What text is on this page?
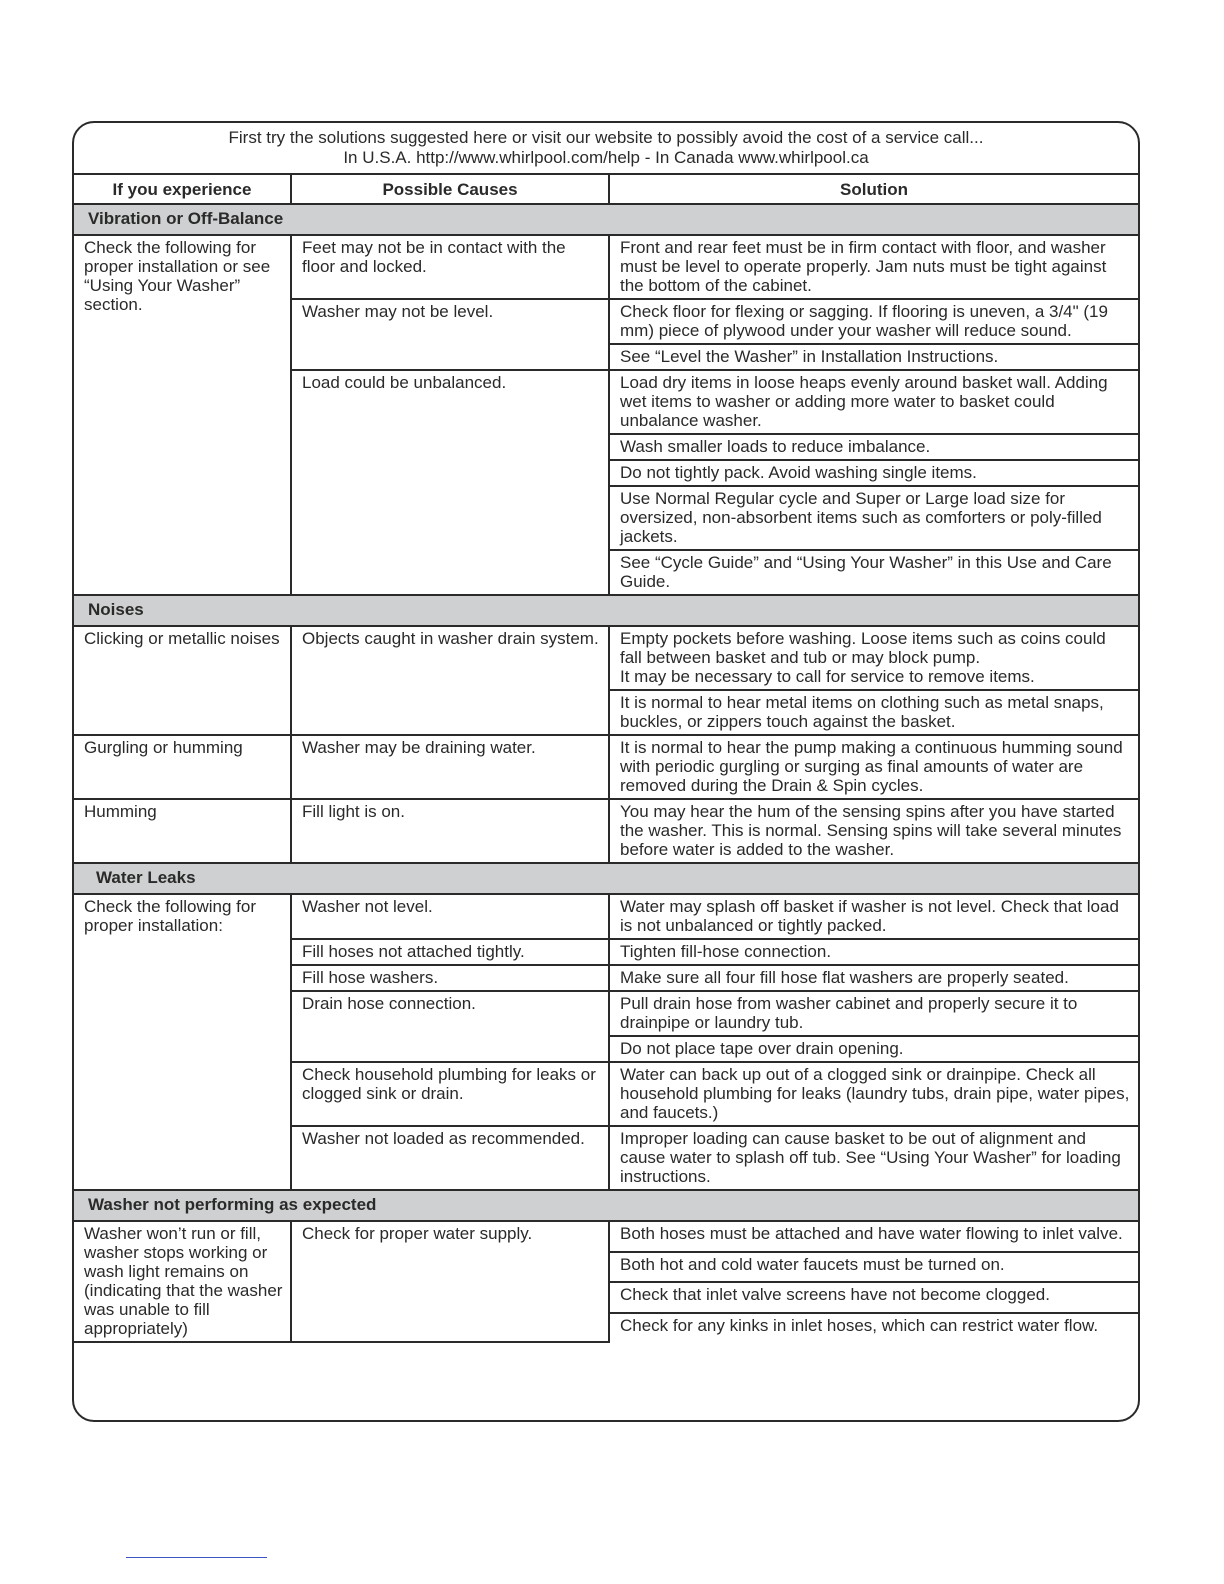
First try the solutions suggested here or visit our website to possibly avoid the cost of a service call...
In U.S.A. http://www.whirlpool.com/help - In Canada www.whirlpool.ca
If you experience	Possible Causes	Solution
Vibration or Off-Balance		
Check the following for proper installation or see “Using Your Washer” section.	Feet may not be in contact with the floor and locked.	Front and rear feet must be in firm contact with floor, and washer must be level to operate properly. Jam nuts must be tight against the bottom of the cabinet.
	Washer may not be level.	Check floor for flexing or sagging. If flooring is uneven, a 3/4" (19 mm) piece of plywood under your washer will reduce sound.
		See “Level the Washer” in Installation Instructions.
	Load could be unbalanced.	Load dry items in loose heaps evenly around basket wall. Adding wet items to washer or adding more water to basket could unbalance washer.
		Wash smaller loads to reduce imbalance.
		Do not tightly pack. Avoid washing single items.
		Use Normal Regular cycle and Super or Large load size for oversized, non-absorbent items such as comforters or poly-filled jackets.
		See “Cycle Guide” and “Using Your Washer” in this Use and Care Guide.
Noises		
Clicking or metallic noises	Objects caught in washer drain system.	Empty pockets before washing. Loose items such as coins could fall between basket and tub or may block pump.
It may be necessary to call for service to remove items.
		It is normal to hear metal items on clothing such as metal snaps, buckles, or zippers touch against the basket.
Gurgling or humming	Washer may be draining water.	It is normal to hear the pump making a continuous humming sound with periodic gurgling or surging as final amounts of water are removed during the Drain & Spin cycles.
Humming	Fill light is on.	You may hear the hum of the sensing spins after you have started the washer. This is normal. Sensing spins will take several minutes before water is added to the washer.
Water Leaks		
Check the following for proper installation:	Washer not level.	Water may splash off basket if washer is not level. Check that load is not unbalanced or tightly packed.
	Fill hoses not attached tightly.	Tighten fill-hose connection.
	Fill hose washers.	Make sure all four fill hose flat washers are properly seated.
	Drain hose connection.	Pull drain hose from washer cabinet and properly secure it to drainpipe or laundry tub.
		Do not place tape over drain opening.
	Check household plumbing for leaks or clogged sink or drain.	Water can back up out of a clogged sink or drainpipe. Check all household plumbing for leaks (laundry tubs, drain pipe, water pipes, and faucets.)
	Washer not loaded as recommended.	Improper loading can cause basket to be out of alignment and cause water to splash off tub. See “Using Your Washer” for loading instructions.
Washer not performing as expected		
Washer won’t run or fill, washer stops working or wash light remains on (indicating that the washer was unable to fill appropriately)	Check for proper water supply.	Both hoses must be attached and have water flowing to inlet valve.
		Both hot and cold water faucets must be turned on.
		Check that inlet valve screens have not become clogged.
		Check for any kinks in inlet hoses, which can restrict water flow.
